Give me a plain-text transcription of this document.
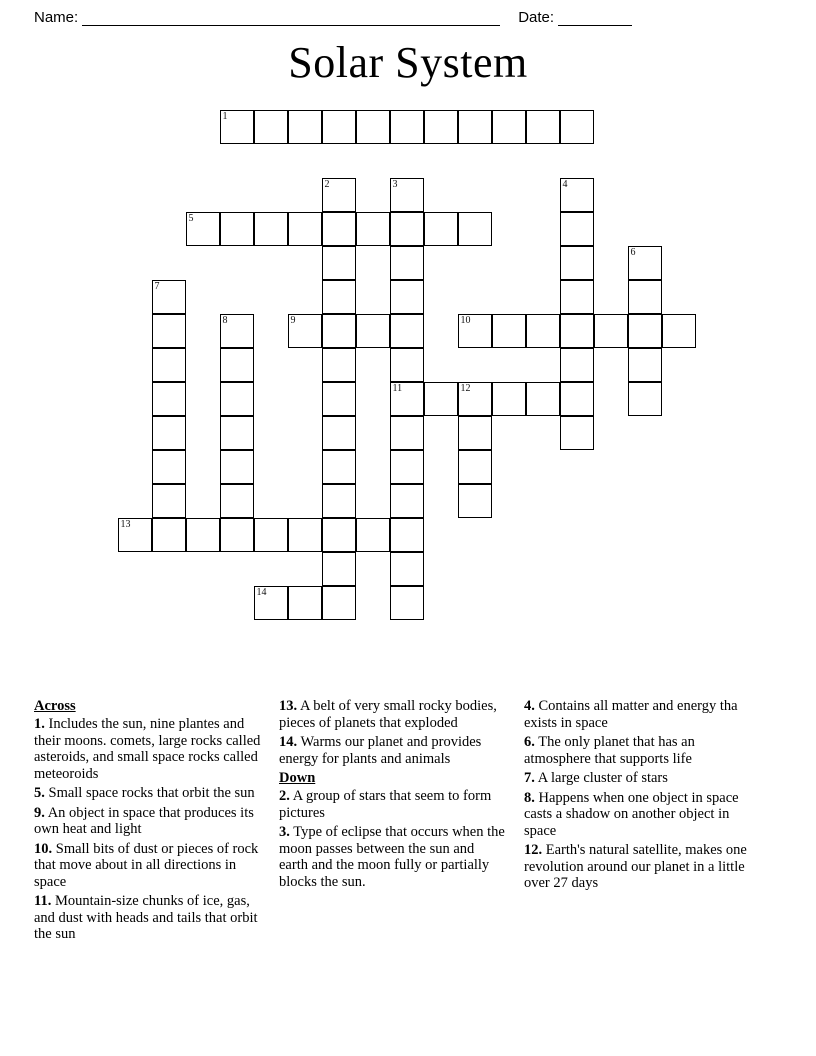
Name:	Date:
Solar System
1
2	3	4
5
6
7
8	9	10
11	12
13
14
Across
1. Includes the sun, nine plantes and their moons. comets, large rocks called asteroids, and small space rocks called meteoroids
5. Small space rocks that orbit the sun
9. An object in space that produces its own heat and light
10. Small bits of dust or pieces of rock that move about in all directions in space
11. Mountain-size chunks of ice, gas, and dust with heads and tails that orbit the sun
13. A belt of very small rocky bodies, pieces of planets that exploded
14. Warms our planet and provides energy for plants and animals
Down
2. A group of stars that seem to form pictures
3. Type of eclipse that occurs when the moon passes between the sun and earth and the moon fully or partially blocks the sun.
4. Contains all matter and energy tha exists in space
6. The only planet that has an atmosphere that supports life
7. A large cluster of stars
8. Happens when one object in space casts a shadow on another object in space
12. Earth's natural satellite, makes one revolution around our planet in a little over 27 days
